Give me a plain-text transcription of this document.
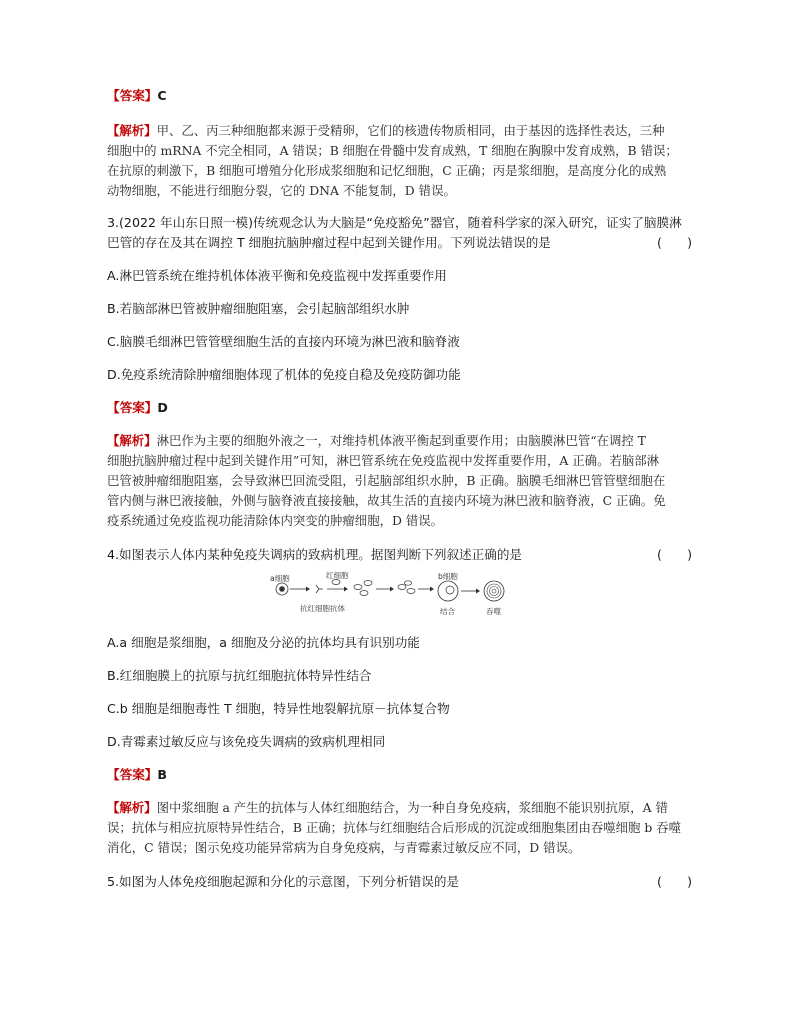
【答案】C
【解析】甲、乙、丙三种细胞都来源于受精卵，它们的核遗传物质相同，由于基因的选择性表达，三种
细胞中的 mRNA 不完全相同，A 错误；B 细胞在骨髓中发育成熟，T 细胞在胸腺中发育成熟，B 错误；
在抗原的刺激下，B 细胞可增殖分化形成浆细胞和记忆细胞，C 正确；丙是浆细胞，是高度分化的成熟
动物细胞，不能进行细胞分裂，它的 DNA 不能复制，D 错误。
3.(2022 年山东日照一模)传统观念认为大脑是“免疫豁免”器官，随着科学家的深入研究，证实了脑膜淋
巴管的存在及其在调控 T 细胞抗脑肿瘤过程中起到关键作用。下列说法错误的是	(　　)
A.淋巴管系统在维持机体体液平衡和免疫监视中发挥重要作用
B.若脑部淋巴管被肿瘤细胞阻塞，会引起脑部组织水肿
C.脑膜毛细淋巴管管壁细胞生活的直接内环境为淋巴液和脑脊液
D.免疫系统清除肿瘤细胞体现了机体的免疫自稳及免疫防御功能
【答案】D
【解析】淋巴作为主要的细胞外液之一，对维持机体液平衡起到重要作用；由脑膜淋巴管“在调控 T
细胞抗脑肿瘤过程中起到关键作用”可知，淋巴管系统在免疫监视中发挥重要作用，A 正确。若脑部淋
巴管被肿瘤细胞阻塞，会导致淋巴回流受阻，引起脑部组织水肿，B 正确。脑膜毛细淋巴管管壁细胞在
管内侧与淋巴液接触，外侧与脑脊液直接接触，故其生活的直接内环境为淋巴液和脑脊液，C 正确。免
疫系统通过免疫监视功能清除体内突变的肿瘤细胞，D 错误。
4.如图表示人体内某种免疫失调病的致病机理。据图判断下列叙述正确的是	(　　)
a细胞	红细胞
抗红细胞抗体
b细胞
结合	吞噬
A.a 细胞是浆细胞，a 细胞及分泌的抗体均具有识别功能
B.红细胞膜上的抗原与抗红细胞抗体特异性结合
C.b 细胞是细胞毒性 T 细胞，特异性地裂解抗原－抗体复合物
D.青霉素过敏反应与该免疫失调病的致病机理相同
【答案】B
【解析】图中浆细胞 a 产生的抗体与人体红细胞结合，为一种自身免疫病，浆细胞不能识别抗原，A 错
误；抗体与相应抗原特异性结合，B 正确；抗体与红细胞结合后形成的沉淀或细胞集团由吞噬细胞 b 吞噬
消化，C 错误；图示免疫功能异常病为自身免疫病，与青霉素过敏反应不同，D 错误。
5.如图为人体免疫细胞起源和分化的示意图，下列分析错误的是	(　　)
